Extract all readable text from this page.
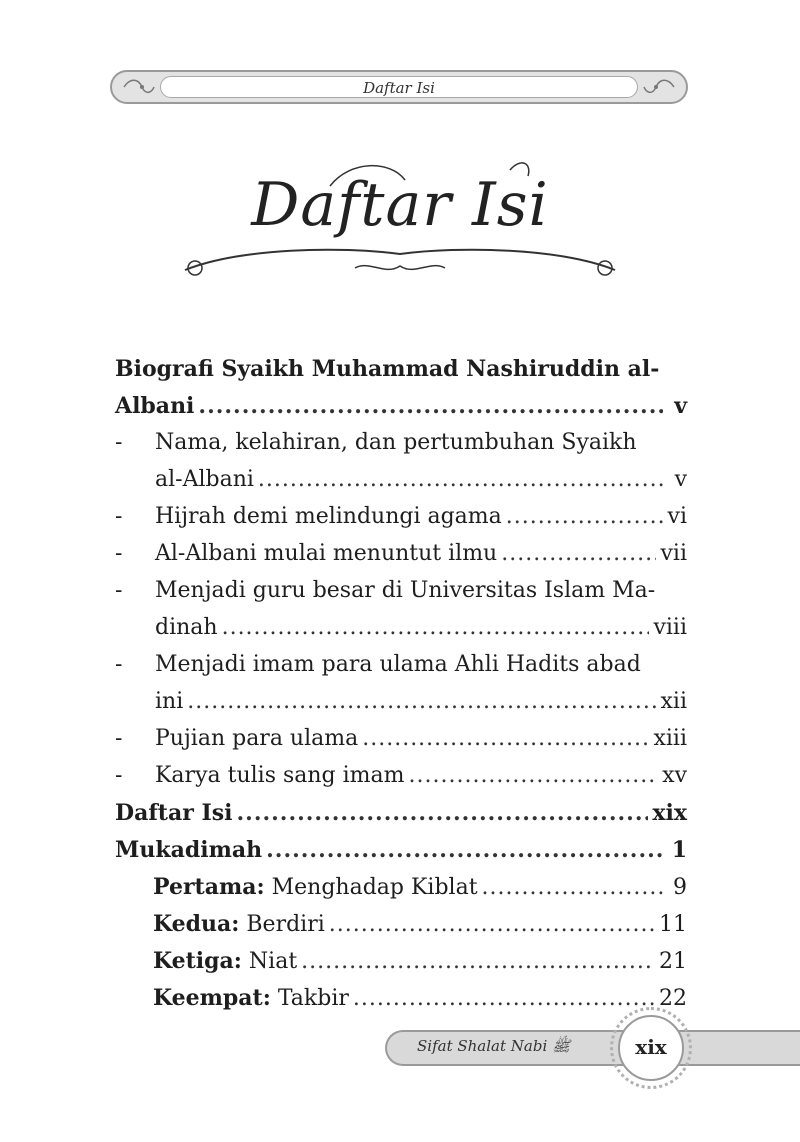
Daftar Isi
Daftar Isi
Biografi Syaikh Muhammad Nashiruddin al-
Albani .....	v
-	Nama, kelahiran, dan pertumbuhan Syaikh
al-Albani .....	v
-	Hijrah demi melindungi agama .....	vi
-	Al-Albani mulai menuntut ilmu .....	vii
-	Menjadi guru besar di Universitas Islam Ma-
dinah .....	viii
-	Menjadi imam para ulama Ahli Hadits abad
ini .....	xii
-	Pujian para ulama .....	xiii
-	Karya tulis sang imam .....	xv
Daftar Isi .....	xix
Mukadimah .....	1
Pertama: Menghadap Kiblat .....	9
Kedua: Berdiri .....	11
Ketiga: Niat .....	21
Keempat: Takbir .....	22
Sifat Shalat Nabi ﷺ	xix
